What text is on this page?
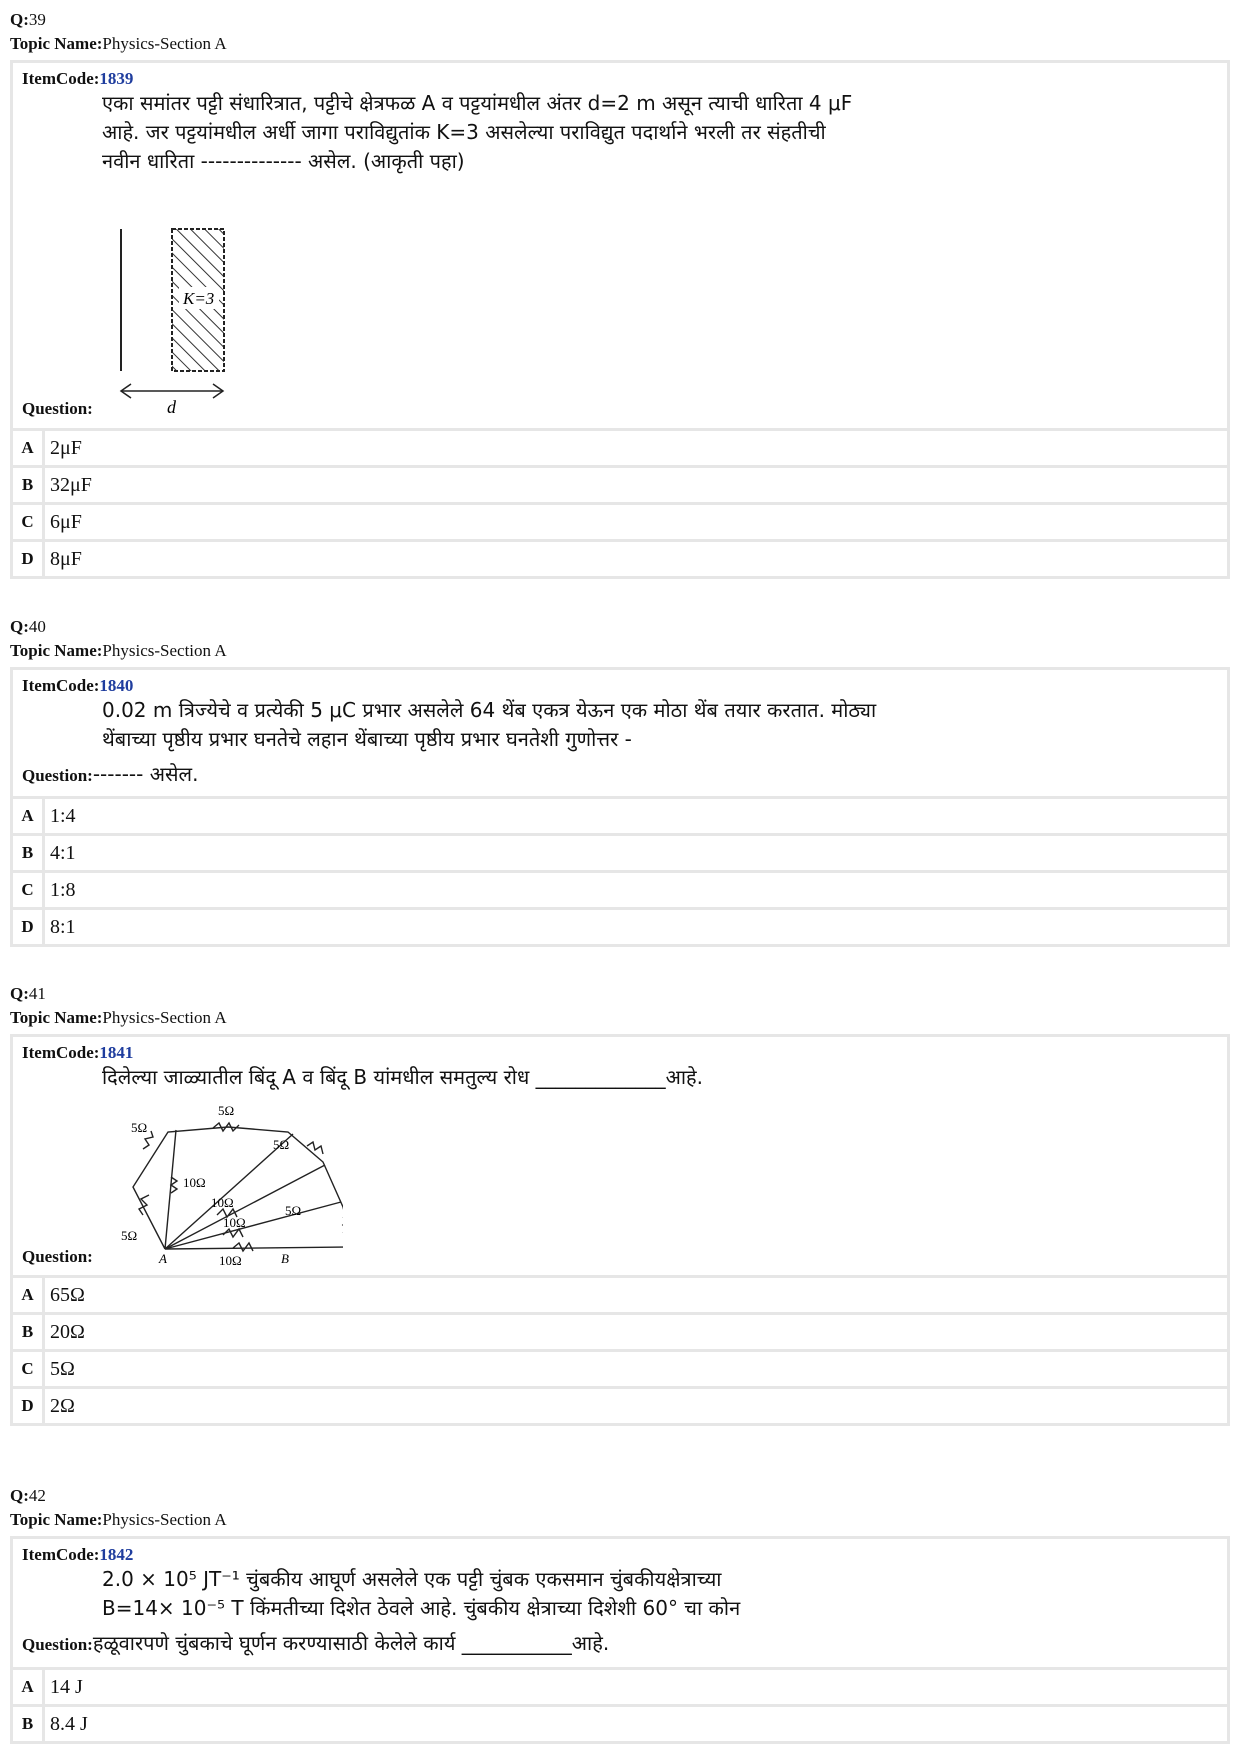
Q:39
Topic Name:Physics-Section A
ItemCode:1839
एका समांतर पट्टी संधारित्रात, पट्टीचे क्षेत्रफळ A व पट्टयांमधील अंतर d=2 m असून त्याची धारिता 4 μF आहे. जर पट्टयांमधील अर्धी जागा पराविद्युतांक K=3 असलेल्या पराविद्युत पदार्थाने भरली तर संहतीची नवीन धारिता -------------- असेल. (आकृती पहा)
K=3
d
Question:
A 2μF
B 32μF
C 6μF
D 8μF
Q:40
Topic Name:Physics-Section A
ItemCode:1840
0.02 m त्रिज्येचे व प्रत्येकी 5 μC प्रभार असलेले 64 थेंब एकत्र येऊन एक मोठा थेंब तयार करतात. मोठ्या थेंबाच्या पृष्ठीय प्रभार घनतेचे लहान थेंबाच्या पृष्ठीय प्रभार घनतेशी गुणोत्तर -
Question:------- असेल.
A 1:4
B 4:1
C 1:8
D 8:1
Q:41
Topic Name:Physics-Section A
ItemCode:1841
दिलेल्या जाळ्यातील बिंदू A व बिंदू B यांमधील समतुल्य रोध _____________आहे.
5Ω
5Ω
5Ω
5Ω
5Ω
10Ω
10Ω
10Ω
10Ω
A	B
Question:
A 65Ω
B 20Ω
C 5Ω
D 2Ω
Q:42
Topic Name:Physics-Section A
ItemCode:1842
2.0 × 10⁵ JT⁻¹ चुंबकीय आघूर्ण असलेले एक पट्टी चुंबक एकसमान चुंबकीयक्षेत्राच्या
B=14× 10⁻⁵ T किंमतीच्या दिशेत ठेवले आहे. चुंबकीय क्षेत्राच्या दिशेशी 60° चा कोन
Question:हळूवारपणे चुंबकाचे घूर्णन करण्यासाठी केलेले कार्य ___________आहे.
A 14 J
B 8.4 J
